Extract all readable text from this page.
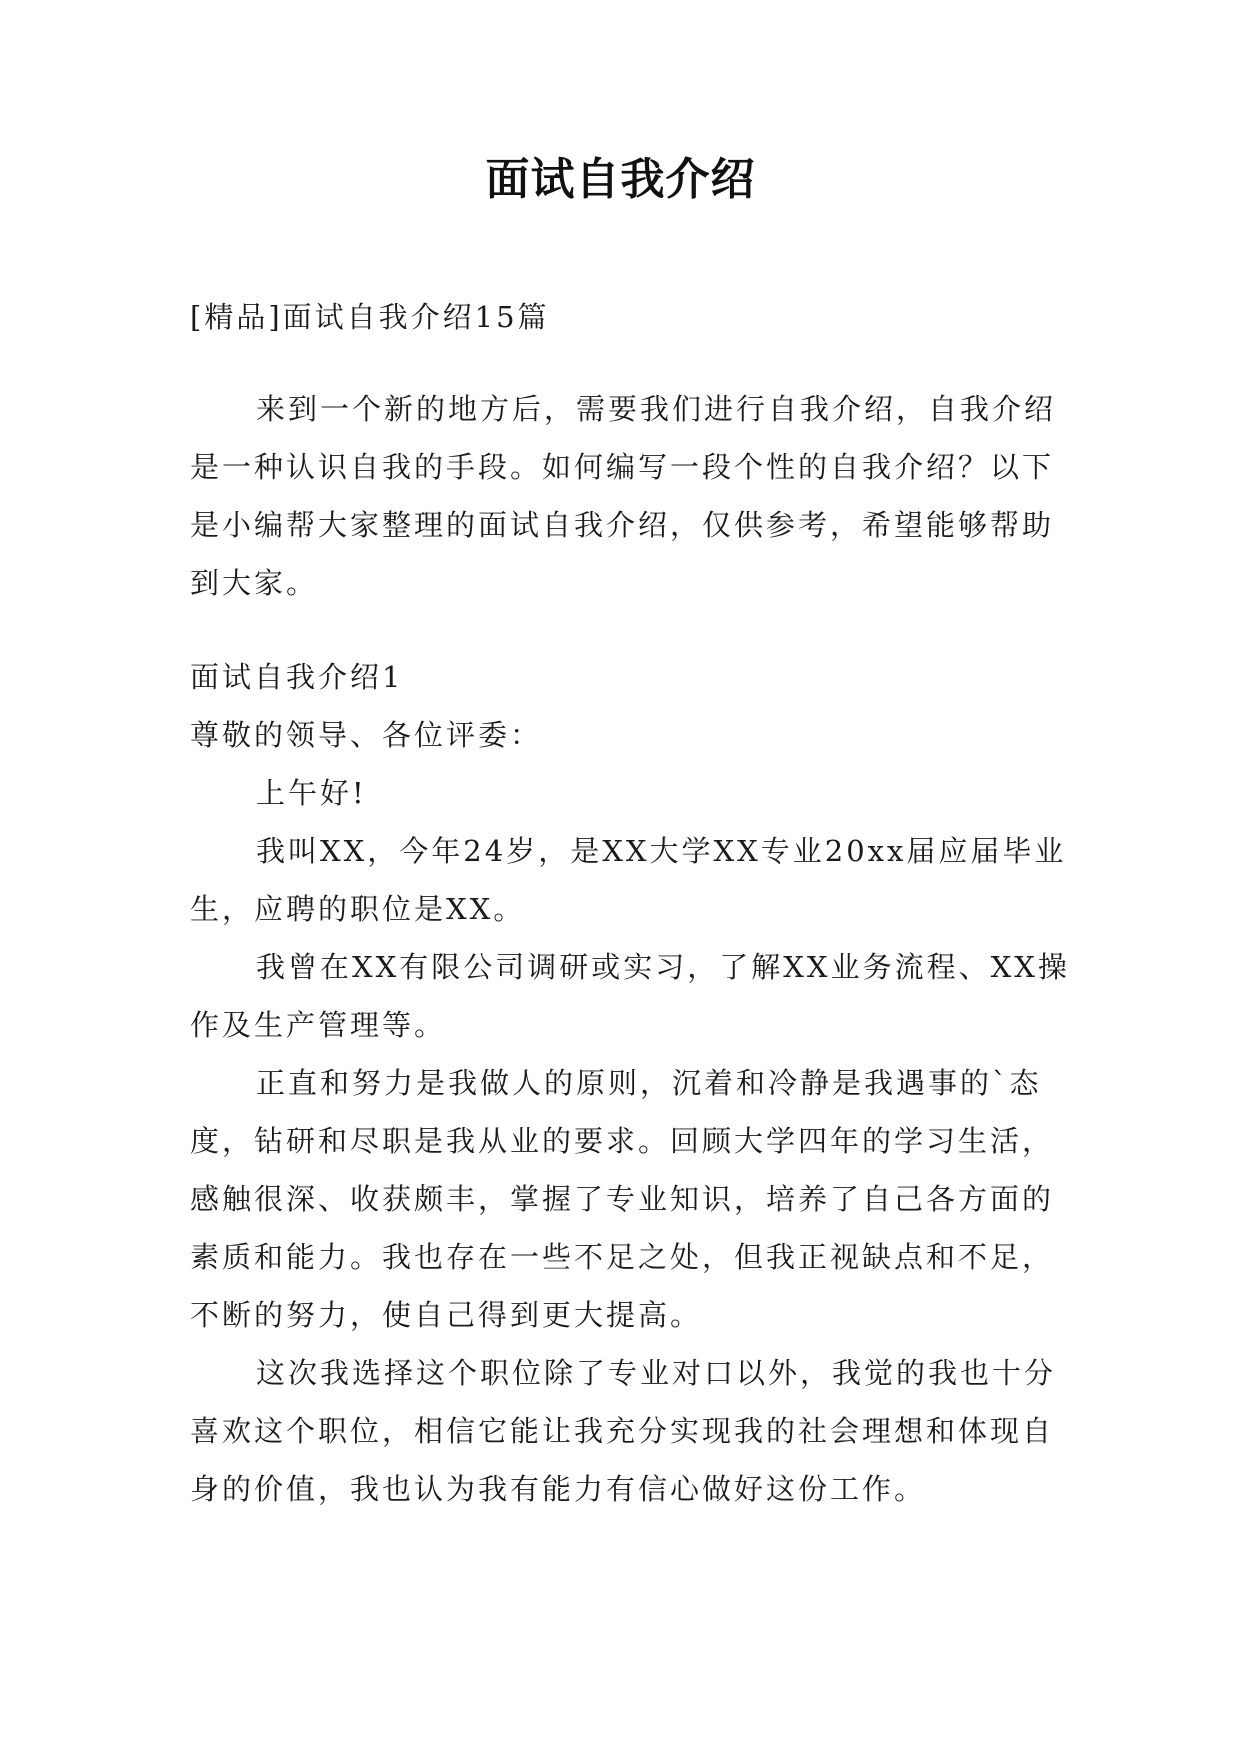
面试自我介绍

[精品]面试自我介绍15篇

来到一个新的地方后，需要我们进行自我介绍，自我介绍是一种认识自我的手段。如何编写一段个性的自我介绍？以下是小编帮大家整理的面试自我介绍，仅供参考，希望能够帮助到大家。

面试自我介绍1

尊敬的领导、各位评委：

上午好!

我叫XX，今年24岁，是XX大学XX专业20xx届应届毕业生，应聘的职位是XX。

我曾在XX有限公司调研或实习，了解XX业务流程、XX操作及生产管理等。

正直和努力是我做人的原则，沉着和冷静是我遇事的`态度，钻研和尽职是我从业的要求。回顾大学四年的学习生活，感触很深、收获颇丰，掌握了专业知识，培养了自己各方面的素质和能力。我也存在一些不足之处，但我正视缺点和不足，不断的努力，使自己得到更大提高。

这次我选择这个职位除了专业对口以外，我觉的我也十分喜欢这个职位，相信它能让我充分实现我的社会理想和体现自身的价值，我也认为我有能力有信心做好这份工作。
